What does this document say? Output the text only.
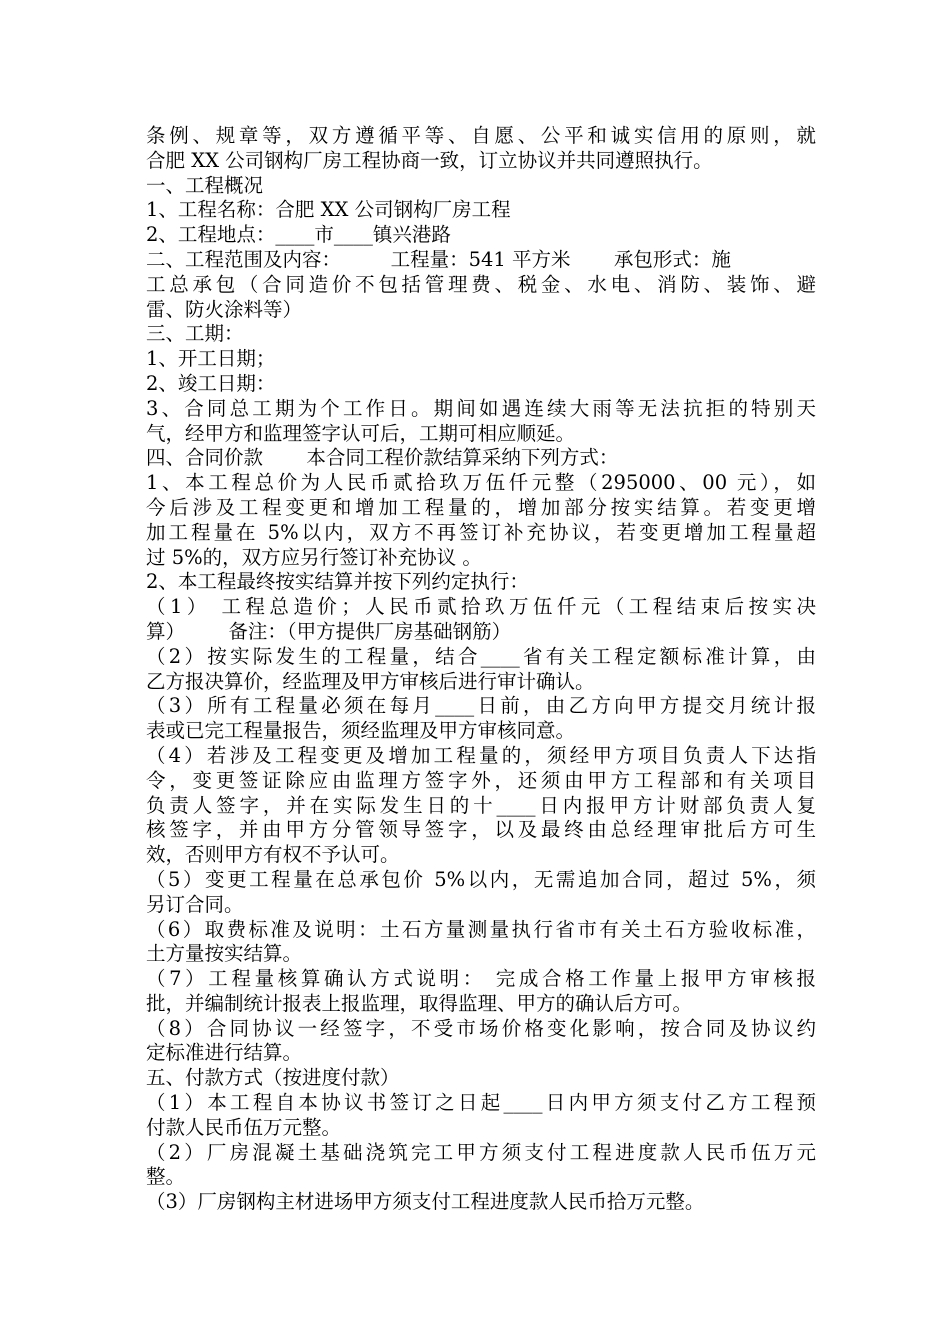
条例、规章等，双方遵循平等、自愿、公平和诚实信用的原则，就
合肥 XX 公司钢构厂房工程协商一致，订立协议并共同遵照执行。
一、工程概况
1、工程名称：合肥 XX 公司钢构厂房工程
2、工程地点：____市____镇兴港路
二、工程范围及内容：        工程量：541 平方米       承包形式：施
工总承包（合同造价不包括管理费、税金、水电、消防、装饰、避
雷、防火涂料等）
三、工期：
1、开工日期；
2、竣工日期：
3、合同总工期为个工作日。期间如遇连续大雨等无法抗拒的特别天
气，经甲方和监理签字认可后，工期可相应顺延。
四、合同价款       本合同工程价款结算采纳下列方式：
1、本工程总价为人民币贰拾玖万伍仟元整（295000、00 元），如
今后涉及工程变更和增加工程量的，增加部分按实结算。若变更增
加工程量在 5%以内，双方不再签订补充协议，若变更增加工程量超
过 5%的，双方应另行签订补充协议 。
2、本工程最终按实结算并按下列约定执行：
（1） 工程总造价；人民币贰拾玖万伍仟元（工程结束后按实决
算）       备注：（甲方提供厂房基础钢筋）
（2）按实际发生的工程量，结合____省有关工程定额标准计算，由
乙方报决算价，经监理及甲方审核后进行审计确认。
（3）所有工程量必须在每月____日前，由乙方向甲方提交月统计报
表或已完工程量报告，须经监理及甲方审核同意。
（4）若涉及工程变更及增加工程量的，须经甲方项目负责人下达指
令，变更签证除应由监理方签字外，还须由甲方工程部和有关项目
负责人签字，并在实际发生日的十____日内报甲方计财部负责人复
核签字，并由甲方分管领导签字，以及最终由总经理审批后方可生
效，否则甲方有权不予认可。
（5）变更工程量在总承包价 5%以内，无需追加合同，超过 5%，须
另订合同。
（6）取费标准及说明：土石方量测量执行省市有关土石方验收标准，
土方量按实结算。
（7）工程量核算确认方式说明： 完成合格工作量上报甲方审核报
批，并编制统计报表上报监理，取得监理、甲方的确认后方可。
（8）合同协议一经签字，不受市场价格变化影响，按合同及协议约
定标准进行结算。
五、付款方式（按进度付款）
（1）本工程自本协议书签订之日起____日内甲方须支付乙方工程预
付款人民币伍万元整。
（2）厂房混凝土基础浇筑完工甲方须支付工程进度款人民币伍万元
整。
（3）厂房钢构主材进场甲方须支付工程进度款人民币拾万元整。
